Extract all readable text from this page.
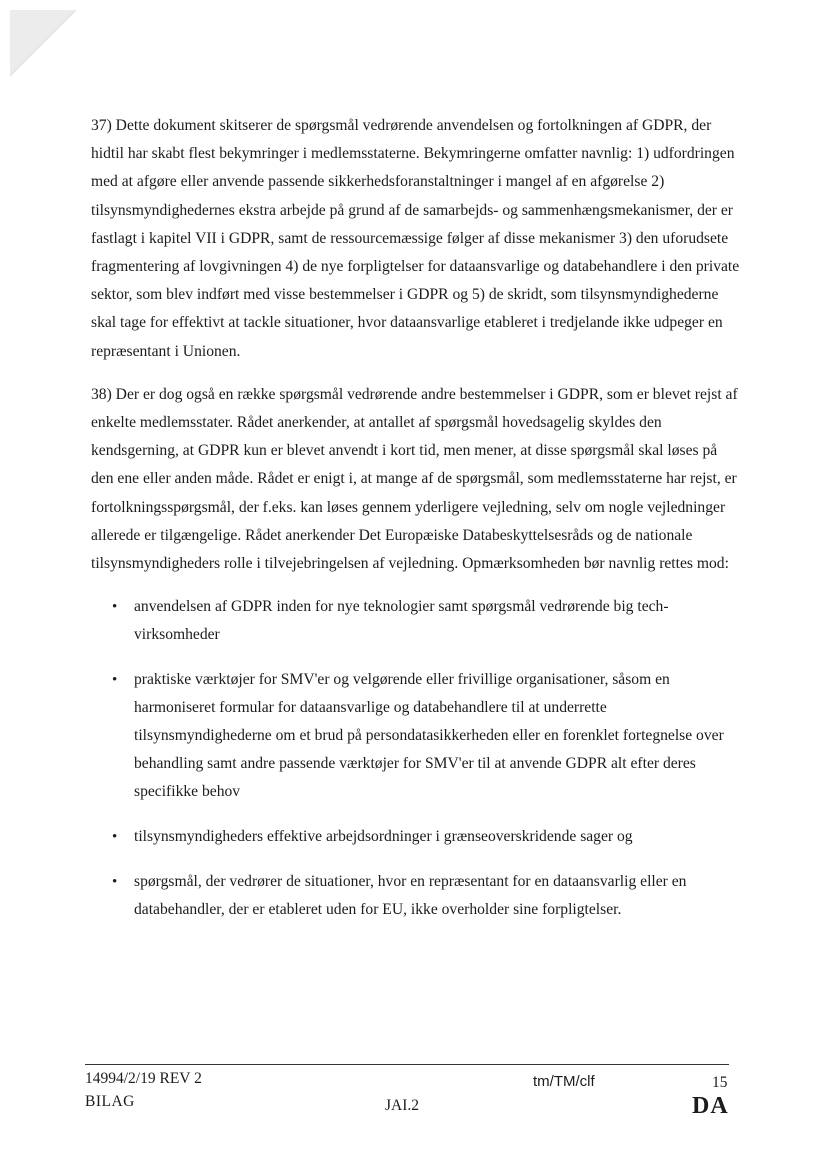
37) Dette dokument skitserer de spørgsmål vedrørende anvendelsen og fortolkningen af GDPR, der hidtil har skabt flest bekymringer i medlemsstaterne. Bekymringerne omfatter navnlig: 1) udfordringen med at afgøre eller anvende passende sikkerhedsforanstaltninger i mangel af en afgørelse 2) tilsynsmyndighedernes ekstra arbejde på grund af de samarbejds- og sammenhængsmekanismer, der er fastlagt i kapitel VII i GDPR, samt de ressourcemæssige følger af disse mekanismer 3) den uforudsete fragmentering af lovgivningen 4) de nye forpligtelser for dataansvarlige og databehandlere i den private sektor, som blev indført med visse bestemmelser i GDPR og 5) de skridt, som tilsynsmyndighederne skal tage for effektivt at tackle situationer, hvor dataansvarlige etableret i tredjelande ikke udpeger en repræsentant i Unionen.

38) Der er dog også en række spørgsmål vedrørende andre bestemmelser i GDPR, som er blevet rejst af enkelte medlemsstater. Rådet anerkender, at antallet af spørgsmål hovedsagelig skyldes den kendsgerning, at GDPR kun er blevet anvendt i kort tid, men mener, at disse spørgsmål skal løses på den ene eller anden måde. Rådet er enigt i, at mange af de spørgsmål, som medlemsstaterne har rejst, er fortolkningsspørgsmål, der f.eks. kan løses gennem yderligere vejledning, selv om nogle vejledninger allerede er tilgængelige. Rådet anerkender Det Europæiske Databeskyttelsesråds og de nationale tilsynsmyndigheders rolle i tilvejebringelsen af vejledning. Opmærksomheden bør navnlig rettes mod:

• anvendelsen af GDPR inden for nye teknologier samt spørgsmål vedrørende big tech-virksomheder
• praktiske værktøjer for SMV'er og velgørende eller frivillige organisationer, såsom en harmoniseret formular for dataansvarlige og databehandlere til at underrette tilsynsmyndighederne om et brud på persondatasikkerheden eller en forenklet fortegnelse over behandling samt andre passende værktøjer for SMV'er til at anvende GDPR alt efter deres specifikke behov
• tilsynsmyndigheders effektive arbejdsordninger i grænseoverskridende sager og
• spørgsmål, der vedrører de situationer, hvor en repræsentant for en dataansvarlig eller en databehandler, der er etableret uden for EU, ikke overholder sine forpligtelser.
14994/2/19 REV 2
BILAG	JAI.2
tm/TM/clf	15
DA
